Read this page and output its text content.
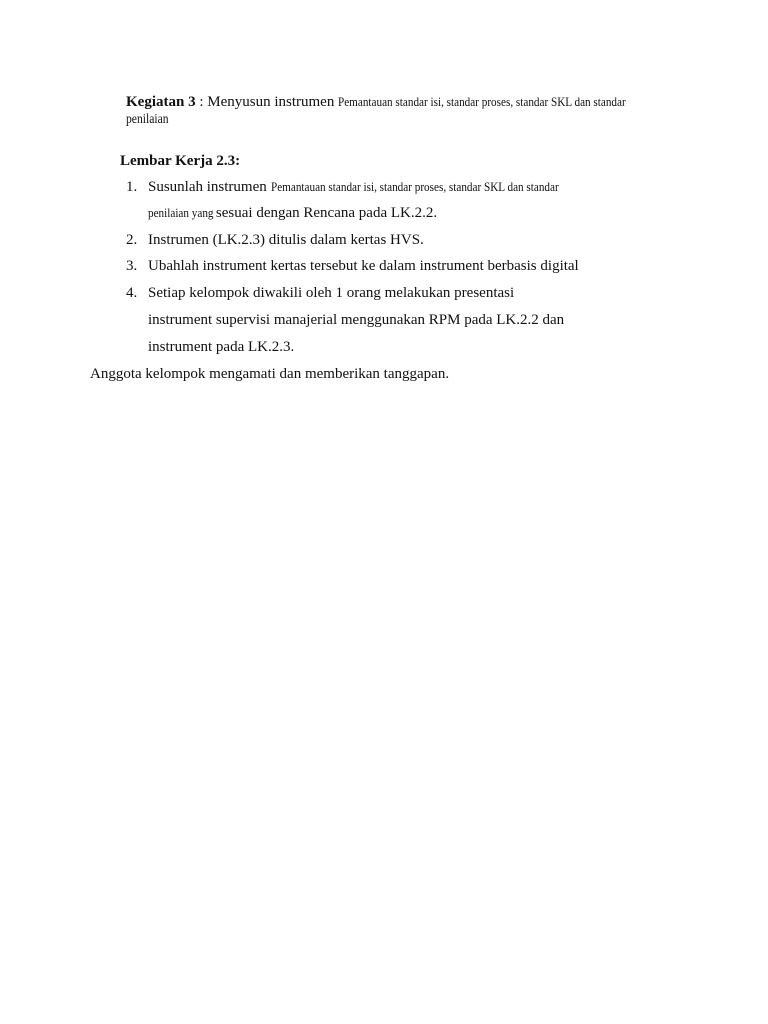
Kegiatan 3 : Menyusun instrumen Pemantauan standar isi, standar proses, standar SKL dan standar
penilaian
Lembar Kerja 2.3:
1. Susunlah instrumen Pemantauan standar isi, standar proses, standar SKL dan standar
penilaian yang sesuai dengan Rencana pada LK.2.2.
2. Instrumen (LK.2.3) ditulis dalam kertas HVS.
3. Ubahlah instrument kertas tersebut ke dalam instrument berbasis digital
4. Setiap kelompok diwakili oleh 1 orang melakukan presentasi
instrument supervisi manajerial menggunakan RPM pada LK.2.2 dan
instrument pada LK.2.3.
Anggota kelompok mengamati dan memberikan tanggapan.
